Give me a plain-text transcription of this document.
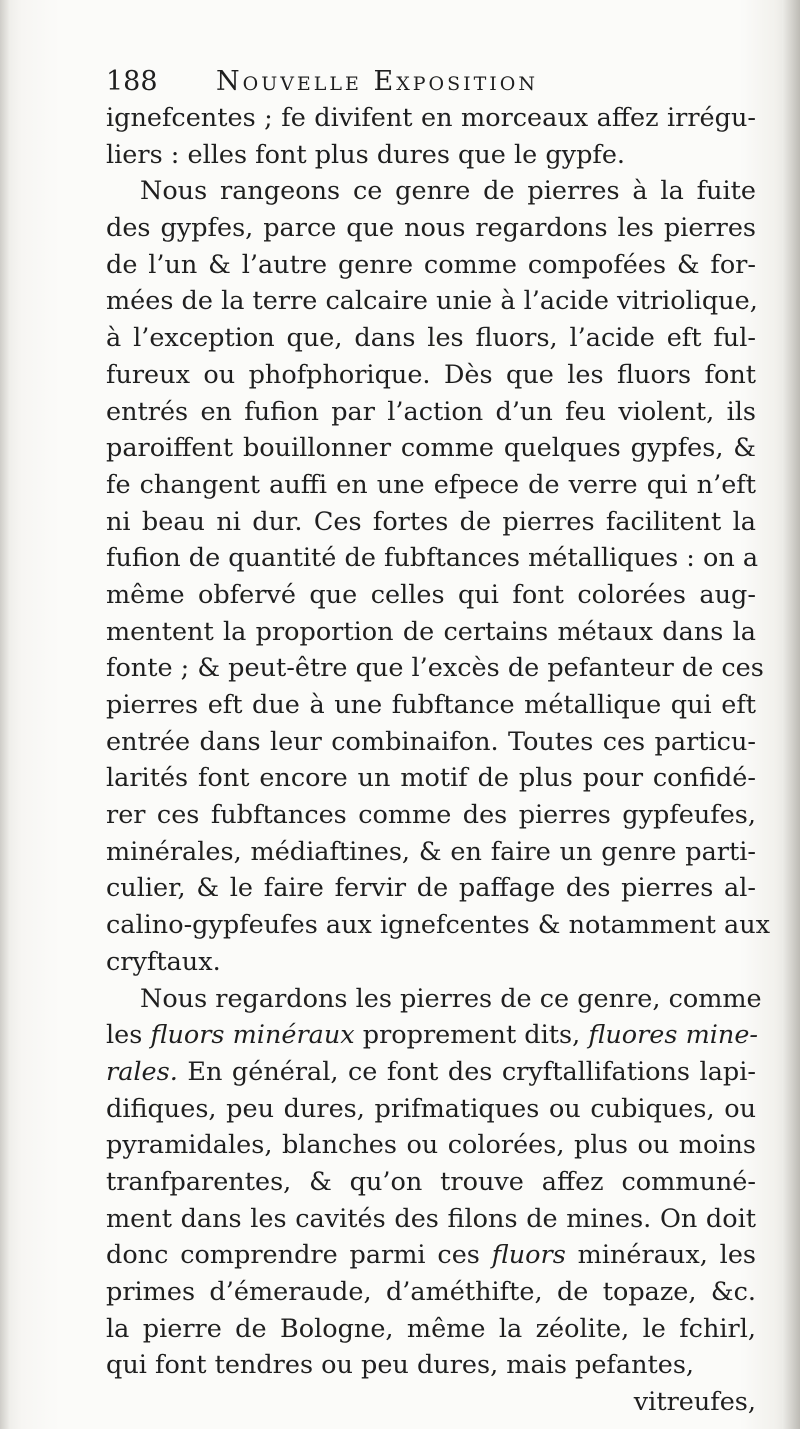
188 Nouvelle Exposition
ignefcentes ; fe divifent en morceaux affez irrégu-
liers : elles font plus dures que le gypfe.
Nous rangeons ce genre de pierres à la fuite
des gypfes, parce que nous regardons les pierres
de l’un & l’autre genre comme compofées & for-
mées de la terre calcaire unie à l’acide vitriolique,
à l’exception que, dans les fluors, l’acide eft ful-
fureux ou phofphorique. Dès que les fluors font
entrés en fufion par l’action d’un feu violent, ils
paroiffent bouillonner comme quelques gypfes, &
fe changent auffi en une efpece de verre qui n’eft
ni beau ni dur. Ces fortes de pierres facilitent la
fufion de quantité de fubftances métalliques : on a
même obfervé que celles qui font colorées aug-
mentent la proportion de certains métaux dans la
fonte ; & peut-être que l’excès de pefanteur de ces
pierres eft due à une fubftance métallique qui eft
entrée dans leur combinaifon. Toutes ces particu-
larités font encore un motif de plus pour confidé-
rer ces fubftances comme des pierres gypfeufes,
minérales, médiaftines, & en faire un genre parti-
culier, & le faire fervir de paffage des pierres al-
calino-gypfeufes aux ignefcentes & notamment aux
cryftaux.
Nous regardons les pierres de ce genre, comme
les fluors minéraux proprement dits, fluores mine-
rales. En général, ce font des cryftallifations lapi-
difiques, peu dures, prifmatiques ou cubiques, ou
pyramidales, blanches ou colorées, plus ou moins
tranfparentes, & qu’on trouve affez communé-
ment dans les cavités des filons de mines. On doit
donc comprendre parmi ces fluors minéraux, les
primes d’émeraude, d’améthifte, de topaze, &c.
la pierre de Bologne, même la zéolite, le fchirl,
qui font tendres ou peu dures, mais pefantes,
vitreufes,
